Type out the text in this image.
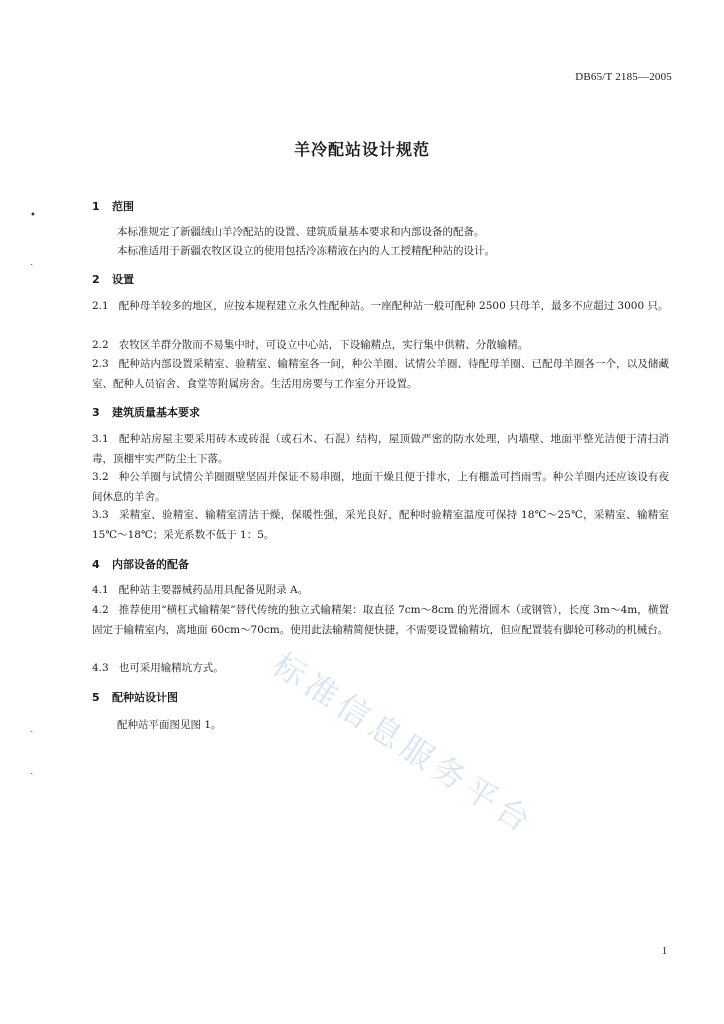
DB65/T 2185—2005
羊冷配站设计规范
1 范围
本标准规定了新疆绒山羊冷配站的设置、建筑质量基本要求和内部设备的配备。
本标准适用于新疆农牧区设立的使用包括冷冻精液在内的人工授精配种站的设计。
2 设置
2.1 配种母羊较多的地区，应按本规程建立永久性配种站。一座配种站一般可配种 2500 只母羊，最多不应超过 3000 只。
2.2 农牧区羊群分散而不易集中时，可设立中心站，下设输精点，实行集中供精、分散输精。
2.3 配种站内部设置采精室、验精室、输精室各一间，种公羊圈、试情公羊圈、待配母羊圈、已配母羊圈各一个，以及储藏室、配种人员宿舍、食堂等附属房舍。生活用房要与工作室分开设置。
3 建筑质量基本要求
3.1 配种站房屋主要采用砖木或砖混（或石木、石混）结构，屋顶做严密的防水处理，内墙壁、地面平整光洁便于清扫消毒，顶棚牢实严防尘土下落。
3.2 种公羊圈与试情公羊圈圈壁坚固并保证不易串圈，地面干燥且便于排水，上有棚盖可挡雨雪。种公羊圈内还应该设有夜间休息的羊舍。
3.3 采精室、验精室、输精室清洁干燥，保暖性强，采光良好，配种时验精室温度可保持 18℃～25℃，采精室、输精室 15℃～18℃；采光系数不低于 1：5。
4 内部设备的配备
4.1 配种站主要器械药品用具配备见附录 A。
4.2 推荐使用“横杠式输精架”替代传统的独立式输精架：取直径 7cm～8cm 的光滑圆木（或钢管），长度 3m～4m，横置固定于输精室内，离地面 60cm～70cm。使用此法输精简便快捷，不需要设置输精坑，但应配置装有脚轮可移动的机械台。
4.3 也可采用输精坑方式。
5 配种站设计图
配种站平面图见图 1。	标准信息服务平台
•
ˏ
ˎ
ˎ
1
